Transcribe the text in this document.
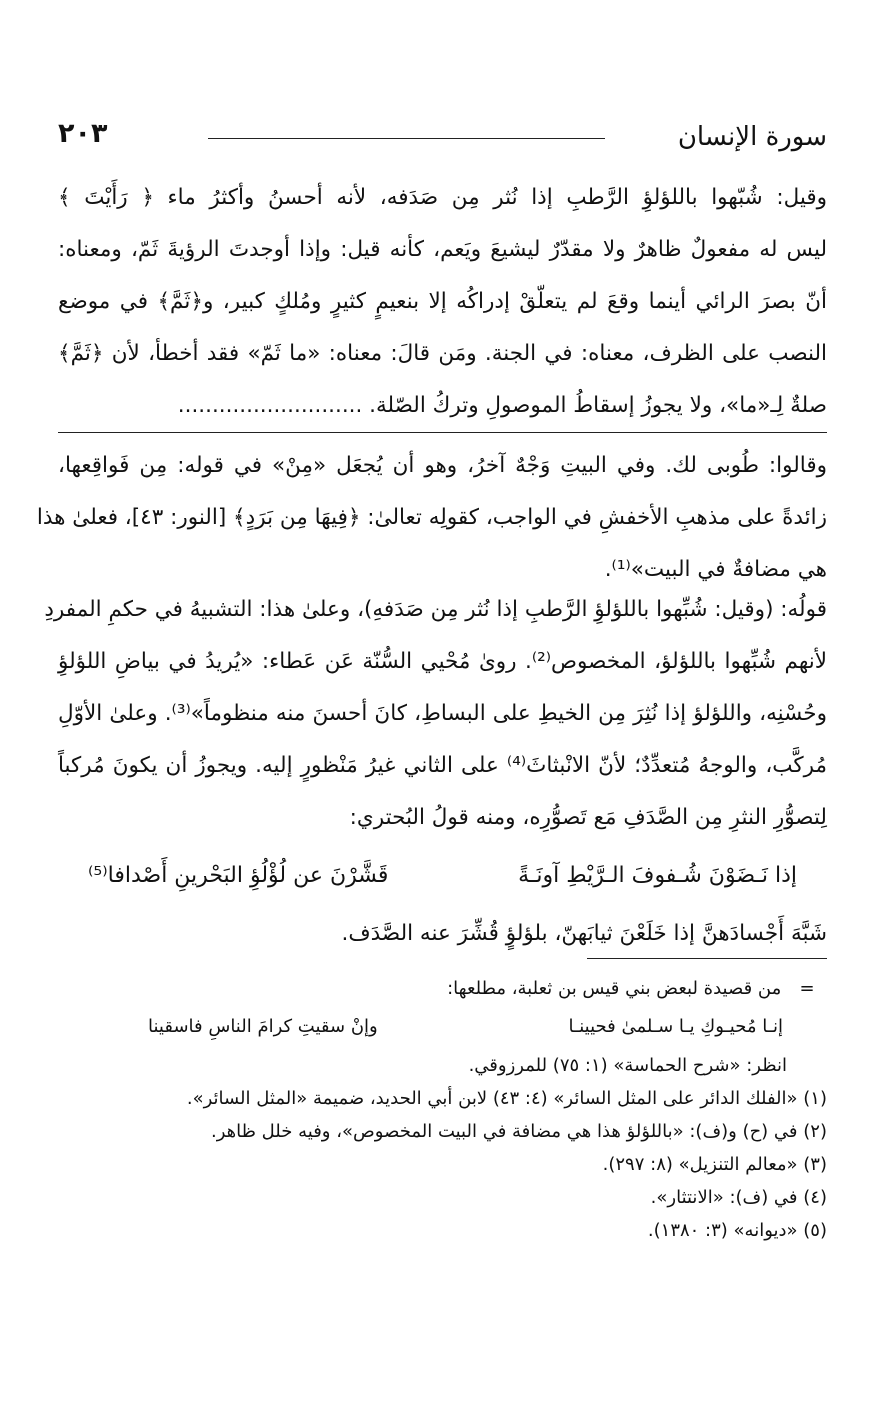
سورة الإنسان
٢٠٣
وقيل: شُبّهوا باللؤلؤِ الرَّطبِ إذا نُثر مِن صَدَفه، لأنه أحسنُ وأكثرُ ماء ﴿ رَأَيْتَ ﴾
ليس له مفعولٌ ظاهرٌ ولا مقدّرٌ ليشيعَ ويَعم، كأنه قيل: وإذا أوجدتَ الرؤيةَ ثَمّ، ومعناه:
أنّ بصرَ الرائي أينما وقعَ لم يتعلّقْ إدراكُه إلا بنعيمٍ كثيرٍ ومُلكٍ كبير، و﴿ثَمَّ﴾ في موضع
النصب على الظرف، معناه: في الجنة. ومَن قالَ: معناه: «ما ثَمّ» فقد أخطأ، لأن ﴿ثَمَّ﴾
صلةٌ لِـ«ما»، ولا يجوزُ إسقاطُ الموصولِ وتركُ الصّلة. ...........................
وقالوا: طُوبى لك. وفي البيتِ وَجْهٌ آخرُ، وهو أن يُجعَل «مِنْ» في قوله: مِن فَواقِعها،
زائدةً على مذهبِ الأخفشِ في الواجب، كقولِه تعالىٰ: ﴿فِيهَا مِن بَرَدٍ﴾ [النور: ٤٣]، فعلىٰ هذا
هي مضافةٌ في البيت»⁽¹⁾.
قولُه: (وقيل: شُبِّهوا باللؤلؤِ الرَّطبِ إذا نُثر مِن صَدَفهِ)، وعلىٰ هذا: التشبيهُ في حكمِ المفردِ
لأنهم شُبِّهوا باللؤلؤ، المخصوص⁽²⁾. روىٰ مُحْيي السُّنّة عَن عَطاء: «يُريدُ في بياضِ اللؤلؤِ
وحُسْنِه، واللؤلؤ إذا نُثِرَ مِن الخيطِ على البساطِ، كانَ أحسنَ منه منظوماً»⁽³⁾. وعلىٰ الأوّلِ
مُركَّب، والوجهُ مُتعدِّدٌ؛ لأنّ الانْبثاثَ⁽⁴⁾ على الثاني غيرُ مَنْظورٍ إليه. ويجوزُ أن يكونَ مُركباً
لِتصوُّرِ النثرِ مِن الصَّدَفِ مَع تَصوُّرِه، ومنه قولُ البُحتري:
إذا نَـضَوْنَ شُـفوفَ الـرَّيْطِ آونَـةً
قَشَّرْنَ عن لُؤْلُؤِ البَحْرينِ أَصْدافا⁽⁵⁾
شَبَّهَ أَجْسادَهنَّ إذا خَلَعْنَ ثيابَهنّ، بلؤلؤٍ قُشِّرَ عنه الصَّدَف.
= من قصيدة لبعض بني قيس بن ثعلبة، مطلعها:
إنـا مُحيـوكِ يـا سـلمىٰ فحيينـا
وإنْ سقيتِ كرامَ الناسِ فاسقينا
انظر: «شرح الحماسة» (١: ٧٥) للمرزوقي.
(١) «الفلك الدائر على المثل السائر» (٤: ٤٣) لابن أبي الحديد، ضميمة «المثل السائر».
(٢) في (ح) و(ف): «باللؤلؤ هذا هي مضافة في البيت المخصوص»، وفيه خلل ظاهر.
(٣) «معالم التنزيل» (٨: ٢٩٧).
(٤) في (ف): «الانتثار».
(٥) «ديوانه» (٣: ١٣٨٠).
